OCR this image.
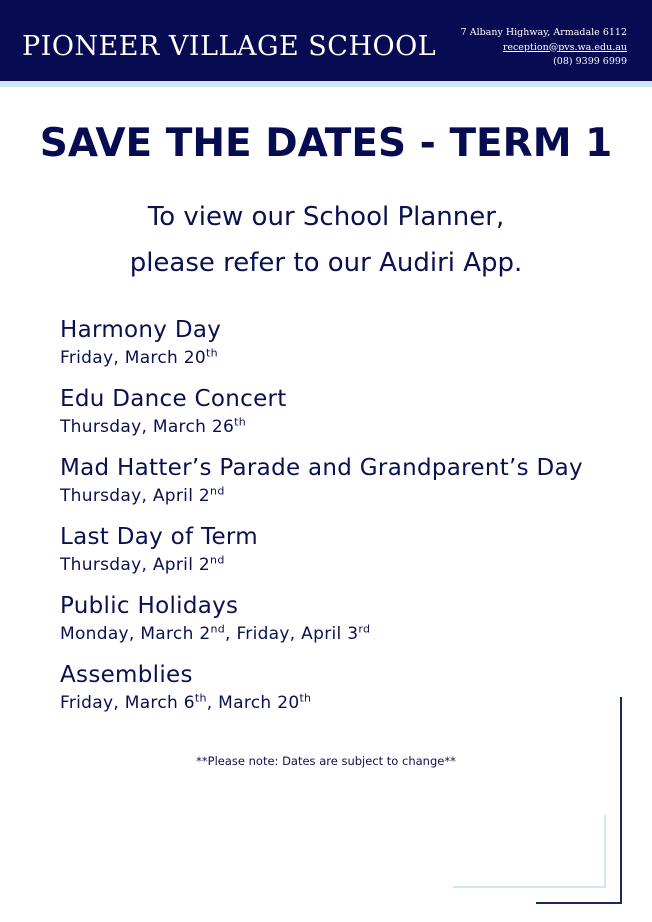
PIONEER VILLAGE SCHOOL	7 Albany Highway, Armadale 6112
reception@pvs.wa.edu.au
(08) 9399 6999
SAVE THE DATES - TERM 1
To view our School Planner,
please refer to our Audiri App.
Harmony Day
Friday, March 20th
Edu Dance Concert
Thursday, March 26th
Mad Hatter’s Parade and Grandparent’s Day
Thursday, April 2nd
Last Day of Term
Thursday, April 2nd
Public Holidays
Monday, March 2nd, Friday, April 3rd
Assemblies
Friday, March 6th, March 20th
**Please note: Dates are subject to change**
